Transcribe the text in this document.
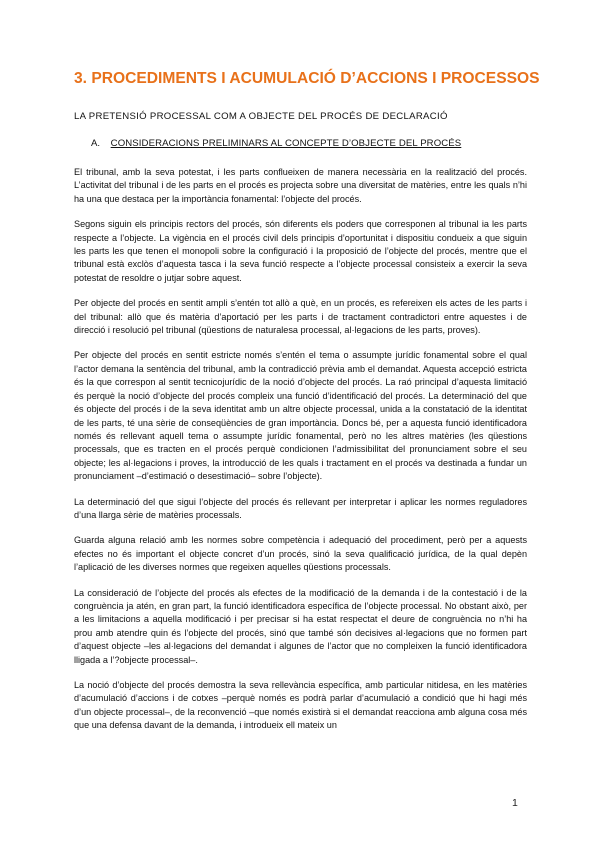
3. PROCEDIMENTS I ACUMULACIÓ D’ACCIONS I PROCESSOS
LA PRETENSIÓ PROCESSAL COM A OBJECTE DEL PROCÉS DE DECLARACIÓ
A. CONSIDERACIONS PRELIMINARS AL CONCEPTE D’OBJECTE DEL PROCÉS

El tribunal, amb la seva potestat, i les parts conflueixen de manera necessària en la realització del procés. L’activitat del tribunal i de les parts en el procés es projecta sobre una diversitat de matèries, entre les quals n’hi ha una que destaca per la importància fonamental: l’objecte del procés.

Segons siguin els principis rectors del procés, són diferents els poders que corresponen al tribunal ia les parts respecte a l’objecte. La vigència en el procés civil dels principis d’oportunitat i dispositiu condueix a que siguin les parts les que tenen el monopoli sobre la configuració i la proposició de l’objecte del procés, mentre que el tribunal està exclòs d’aquesta tasca i la seva funció respecte a l’objecte processal consisteix a exercir la seva potestat de resoldre o jutjar sobre aquest.

Per objecte del procés en sentit ampli s’entén tot allò a què, en un procés, es refereixen els actes de les parts i del tribunal: allò que és matèria d’aportació per les parts i de tractament contradictori entre aquestes i de direcció i resolució pel tribunal (qüestions de naturalesa processal, al·legacions de les parts, proves).

Per objecte del procés en sentit estricte només s’entén el tema o assumpte jurídic fonamental sobre el qual l’actor demana la sentència del tribunal, amb la contradicció prèvia amb el demandat. Aquesta accepció estricta és la que correspon al sentit tecnicojurídic de la noció d’objecte del procés. La raó principal d’aquesta limitació és perquè la noció d’objecte del procés compleix una funció d’identificació del procés. La determinació del que és objecte del procés i de la seva identitat amb un altre objecte processal, unida a la constatació de la identitat de les parts, té una sèrie de conseqüències de gran importància. Doncs bé, per a aquesta funció identificadora només és rellevant aquell tema o assumpte jurídic fonamental, però no les altres matèries (les qüestions processals, que es tracten en el procés perquè condicionen l’admissibilitat del pronunciament sobre el seu objecte; les al·legacions i proves, la introducció de les quals i tractament en el procés va destinada a fundar un pronunciament –d’estimació o desestimació– sobre l’objecte).

La determinació del que sigui l’objecte del procés és rellevant per interpretar i aplicar les normes reguladores d’una llarga sèrie de matèries processals.

Guarda alguna relació amb les normes sobre competència i adequació del procediment, però per a aquests efectes no és important el objecte concret d’un procés, sinó la seva qualificació jurídica, de la qual depèn l’aplicació de les diverses normes que regeixen aquelles qüestions processals.

La consideració de l’objecte del procés als efectes de la modificació de la demanda i de la contestació i de la congruència ja atén, en gran part, la funció identificadora específica de l’objecte processal. No obstant això, per a les limitacions a aquella modificació i per precisar si ha estat respectat el deure de congruència no n’hi ha prou amb atendre quin és l’objecte del procés, sinó que també són decisives al·legacions que no formen part d’aquest objecte –les al·legacions del demandat i algunes de l’actor que no compleixen la funció identificadora lligada a l’?objecte processal–.

La noció d’objecte del procés demostra la seva rellevància específica, amb particular nitidesa, en les matèries d’acumulació d’accions i de cotxes –perquè només es podrà parlar d’acumulació a condició que hi hagi més d’un objecte processal–, de la reconvenció –que només existirà si el demandat reacciona amb alguna cosa més que una defensa davant de la demanda, i introdueix ell mateix un

1
